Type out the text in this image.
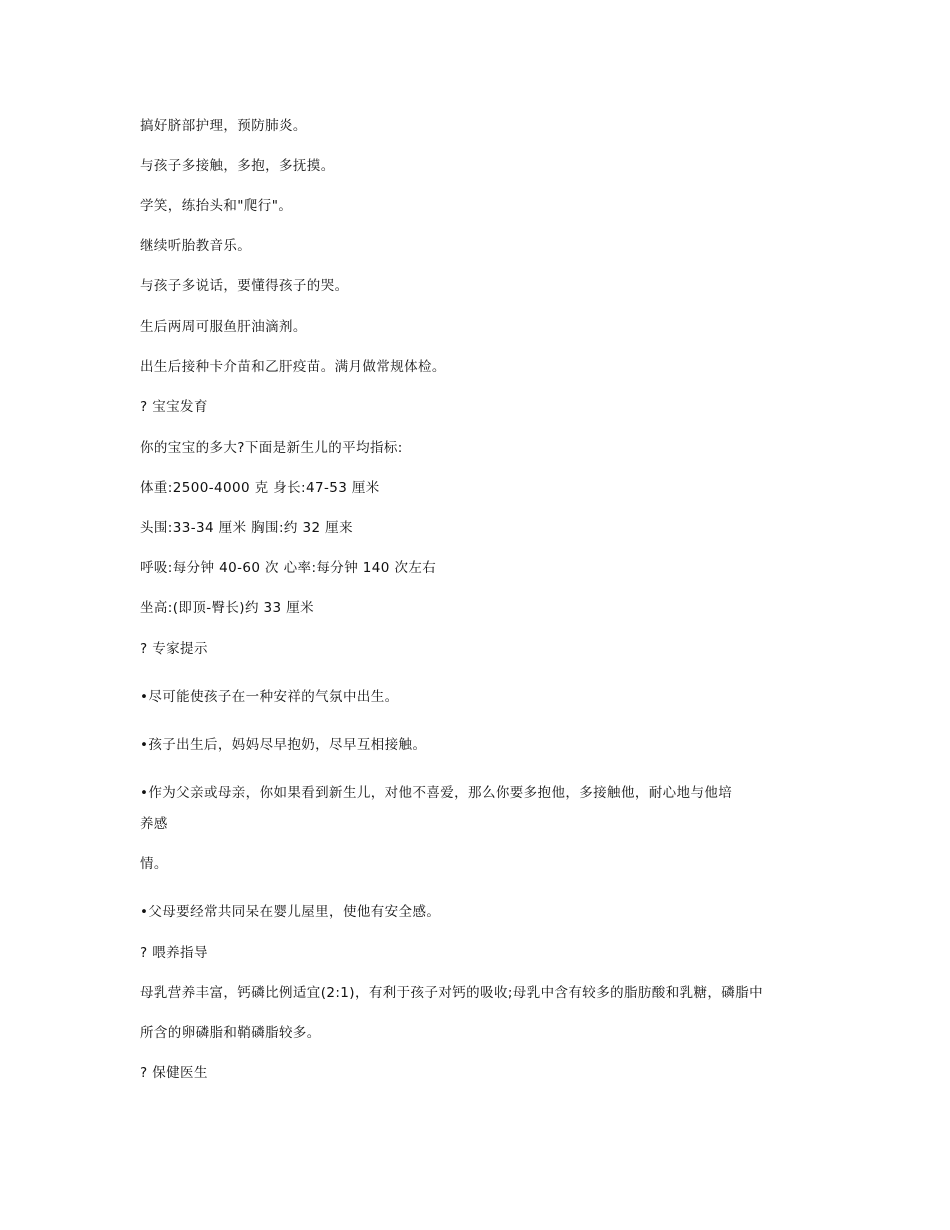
搞好脐部护理，预防肺炎。

与孩子多接触，多抱，多抚摸。

学笑，练抬头和"爬行"。

继续听胎教音乐。

与孩子多说话，要懂得孩子的哭。

生后两周可服鱼肝油滴剂。

出生后接种卡介苗和乙肝疫苗。满月做常规体检。

? 宝宝发育

你的宝宝的多大?下面是新生儿的平均指标:

体重:2500-4000 克 身长:47-53 厘米

头围:33-34 厘米 胸围:约 32 厘来

呼吸:每分钟 40-60 次 心率:每分钟 140 次左右

坐高:(即顶-臀长)约 33 厘米

? 专家提示

•尽可能使孩子在一种安祥的气氛中出生。

•孩子出生后，妈妈尽早抱奶，尽早互相接触。

•作为父亲或母亲，你如果看到新生儿，对他不喜爱，那么你要多抱他，多接触他，耐心地与他培

养感

情。

•父母要经常共同呆在婴儿屋里，使他有安全感。

? 喂养指导

母乳营养丰富，钙磷比例适宜(2:1)，有利于孩子对钙的吸收;母乳中含有较多的脂肪酸和乳糖，磷脂中

所含的卵磷脂和鞘磷脂较多。

? 保健医生
